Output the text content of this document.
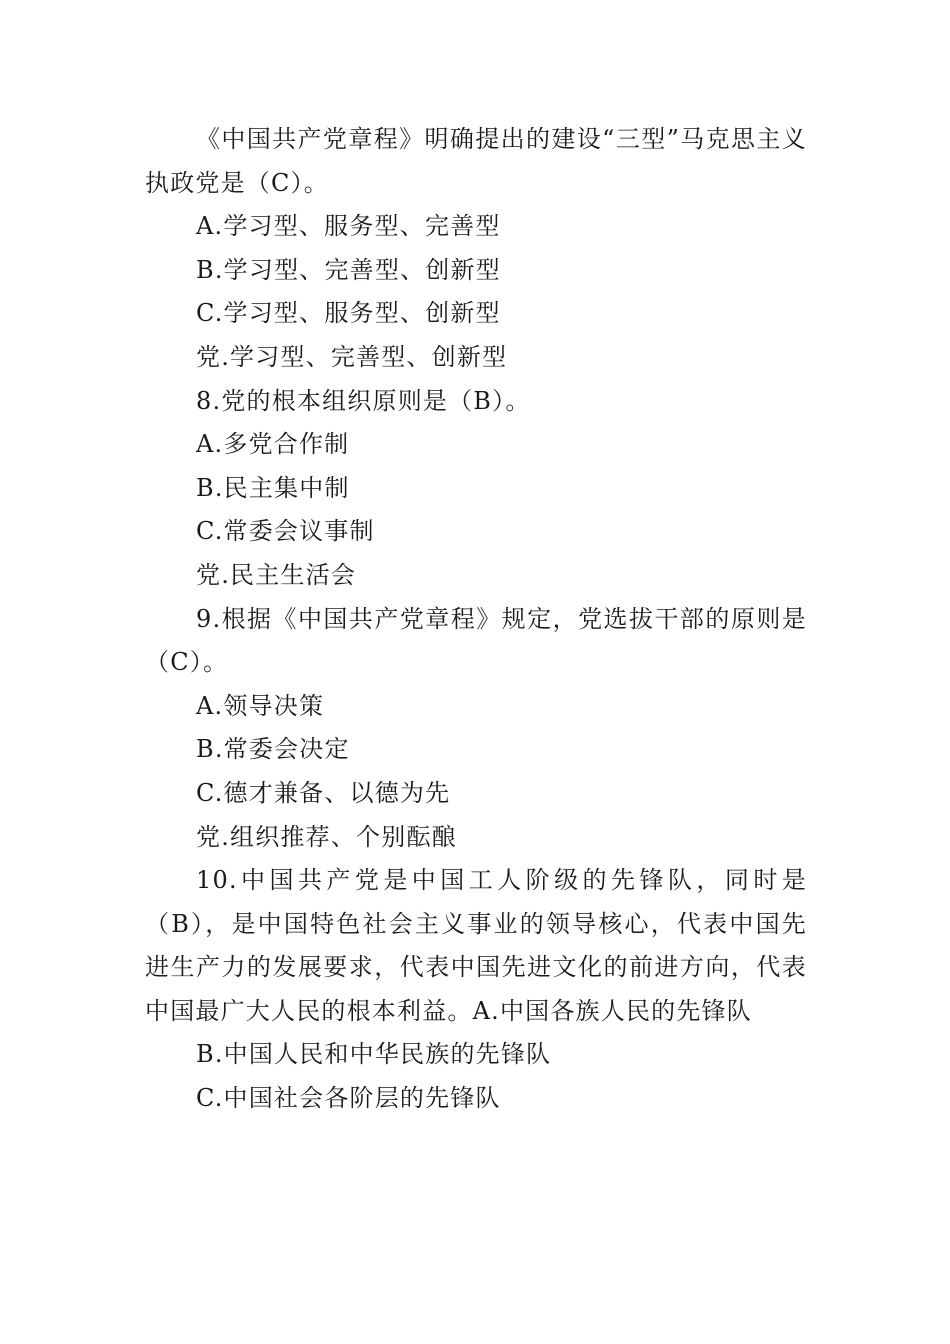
《中国共产党章程》明确提出的建设“三型”马克思主义执政党是（C）。

A.学习型、服务型、完善型

B.学习型、完善型、创新型

C.学习型、服务型、创新型

党.学习型、完善型、创新型

8.党的根本组织原则是（B）。

A.多党合作制

B.民主集中制

C.常委会议事制

党.民主生活会

9.根据《中国共产党章程》规定，党选拔干部的原则是（C）。

A.领导决策

B.常委会决定

C.德才兼备、以德为先

党.组织推荐、个别酝酿

10.中国共产党是中国工人阶级的先锋队，同时是（B），是中国特色社会主义事业的领导核心，代表中国先进生产力的发展要求，代表中国先进文化的前进方向，代表中国最广大人民的根本利益。A.中国各族人民的先锋队

B.中国人民和中华民族的先锋队

C.中国社会各阶层的先锋队
